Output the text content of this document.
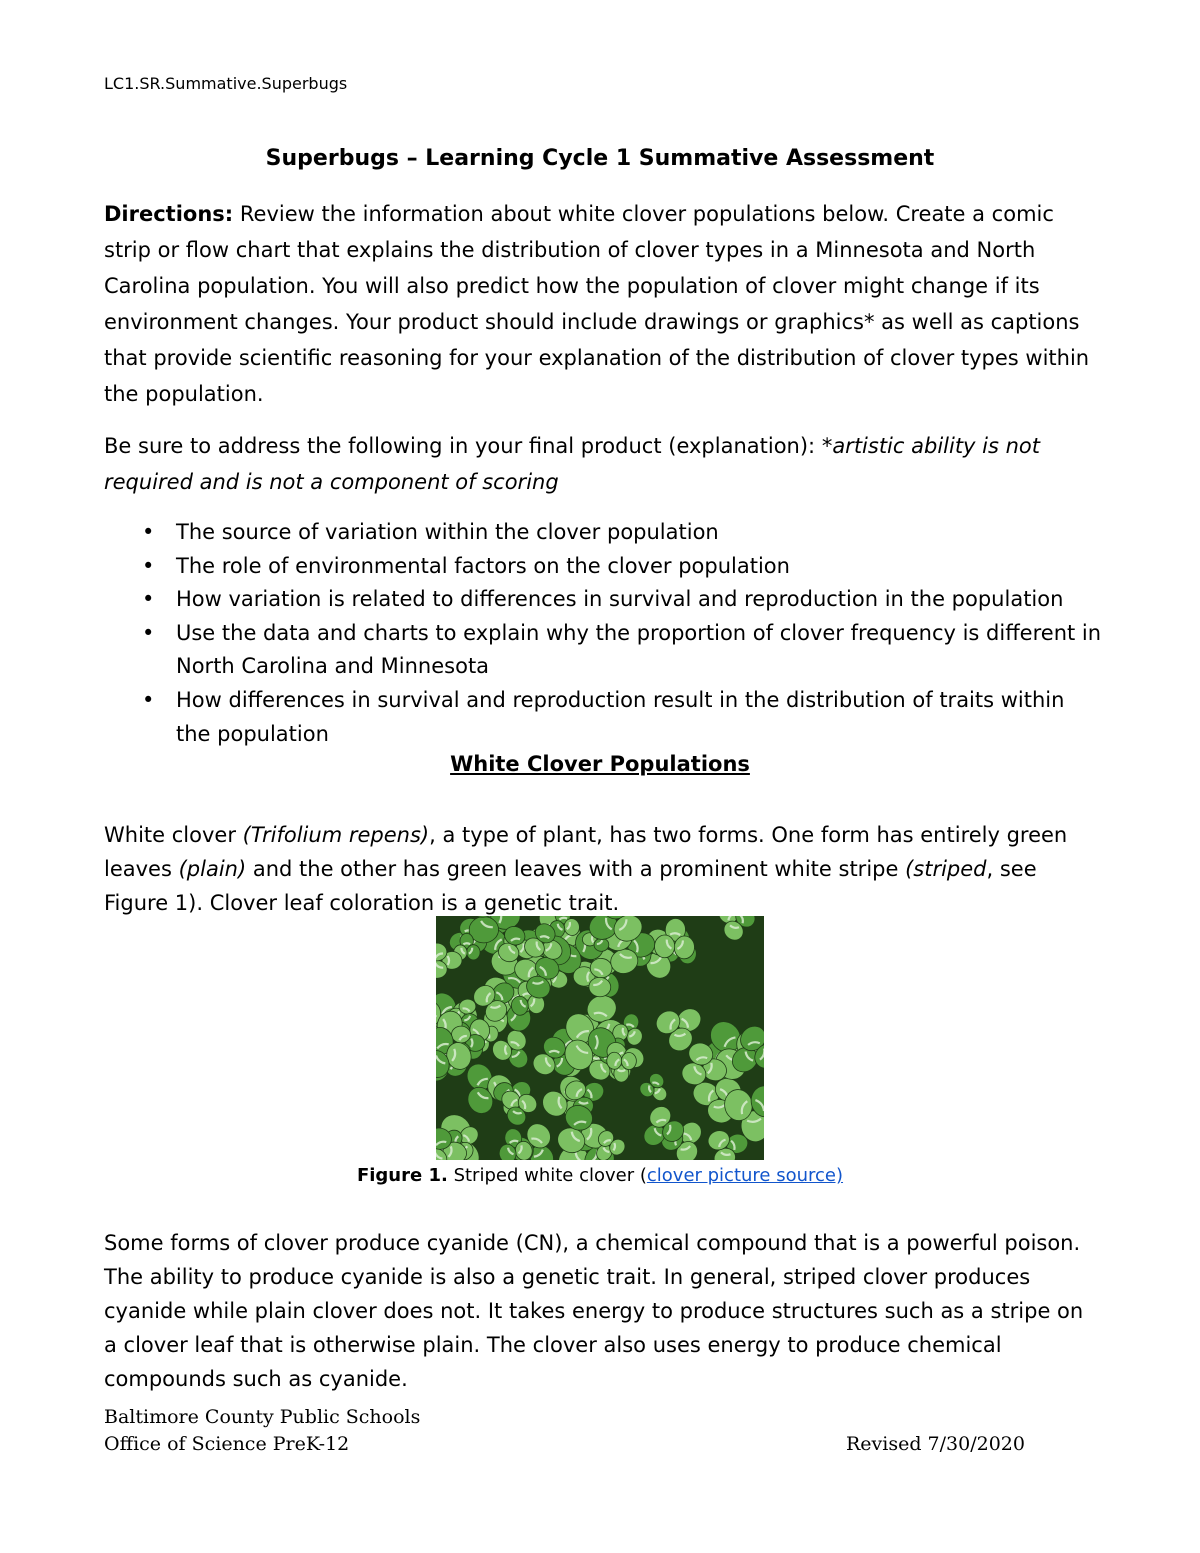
LC1.SR.Summative.Superbugs
Superbugs – Learning Cycle 1 Summative Assessment
Directions: Review the information about white clover populations below. Create a comic strip or flow chart that explains the distribution of clover types in a Minnesota and North Carolina population. You will also predict how the population of clover might change if its environment changes. Your product should include drawings or graphics* as well as captions that provide scientific reasoning for your explanation of the distribution of clover types within the population.
Be sure to address the following in your final product (explanation): *artistic ability is not required and is not a component of scoring
• The source of variation within the clover population
• The role of environmental factors on the clover population
• How variation is related to differences in survival and reproduction in the population
• Use the data and charts to explain why the proportion of clover frequency is different in North Carolina and Minnesota
• How differences in survival and reproduction result in the distribution of traits within the population
White Clover Populations
White clover (Trifolium repens), a type of plant, has two forms. One form has entirely green leaves (plain) and the other has green leaves with a prominent white stripe (striped, see Figure 1). Clover leaf coloration is a genetic trait.
Figure 1. Striped white clover (clover picture source)
Some forms of clover produce cyanide (CN), a chemical compound that is a powerful poison. The ability to produce cyanide is also a genetic trait. In general, striped clover produces cyanide while plain clover does not. It takes energy to produce structures such as a stripe on a clover leaf that is otherwise plain. The clover also uses energy to produce chemical compounds such as cyanide.
Baltimore County Public Schools
Office of Science PreK-12	Revised 7/30/2020
